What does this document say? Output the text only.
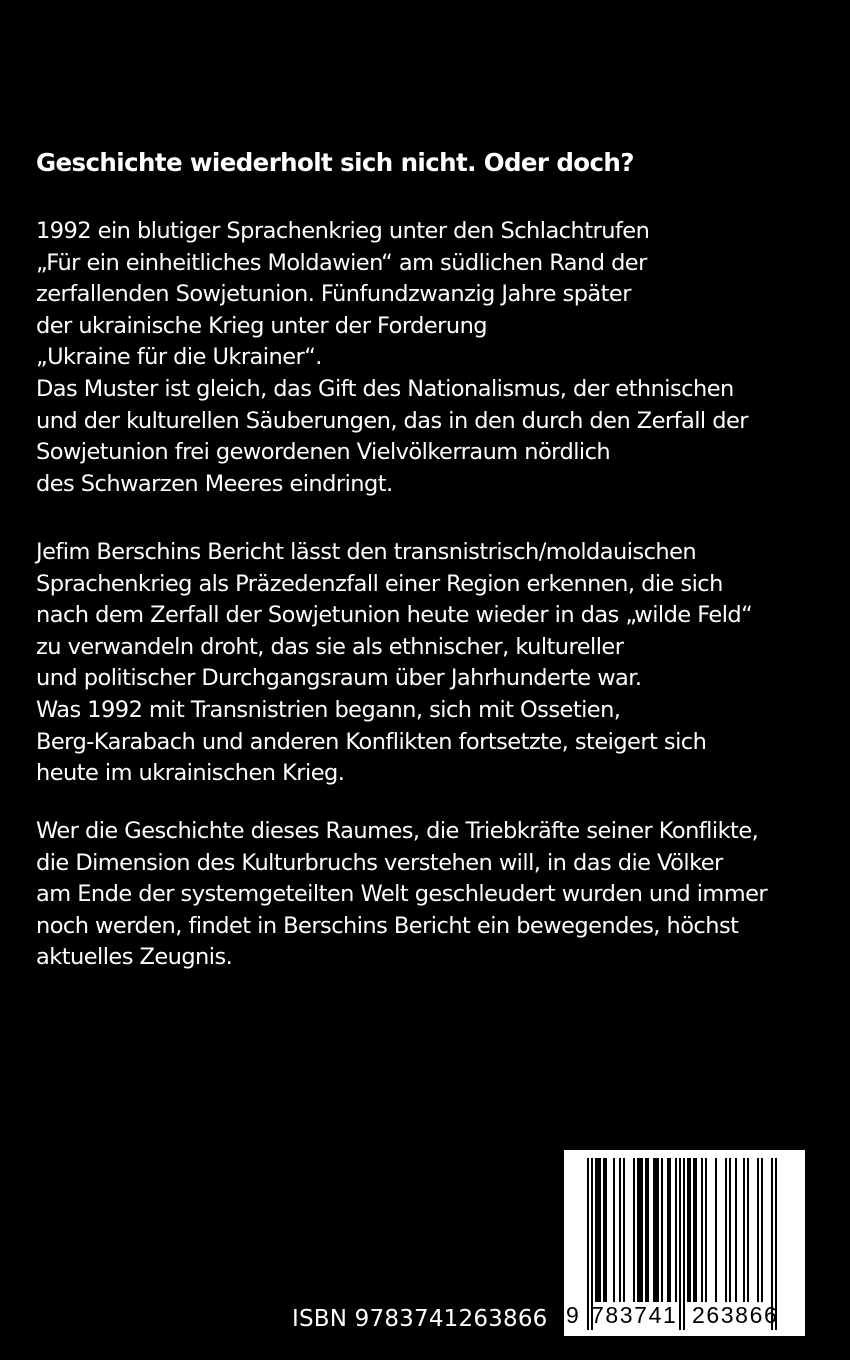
Geschichte wiederholt sich nicht. Oder doch?
1992 ein blutiger Sprachenkrieg unter den Schlachtrufen
„Für ein einheitliches Moldawien“ am südlichen Rand der
zerfallenden Sowjetunion. Fünfundzwanzig Jahre später
der ukrainische Krieg unter der Forderung
„Ukraine für die Ukrainer“.
Das Muster ist gleich, das Gift des Nationalismus, der ethnischen
und der kulturellen Säuberungen, das in den durch den Zerfall der
Sowjetunion frei gewordenen Vielvölkerraum nördlich
des Schwarzen Meeres eindringt.
Jefim Berschins Bericht lässt den transnistrisch/moldauischen
Sprachenkrieg als Präzedenzfall einer Region erkennen, die sich
nach dem Zerfall der Sowjetunion heute wieder in das „wilde Feld“
zu verwandeln droht, das sie als ethnischer, kultureller
und politischer Durchgangsraum über Jahrhunderte war.
Was 1992 mit Transnistrien begann, sich mit Ossetien,
Berg-Karabach und anderen Konflikten fortsetzte, steigert sich
heute im ukrainischen Krieg.
Wer die Geschichte dieses Raumes, die Triebkräfte seiner Konflikte,
die Dimension des Kulturbruchs verstehen will, in das die Völker
am Ende der systemgeteilten Welt geschleudert wurden und immer
noch werden, findet in Berschins Bericht ein bewegendes, höchst
aktuelles Zeugnis.
ISBN 9783741263866 9 783741 263866
